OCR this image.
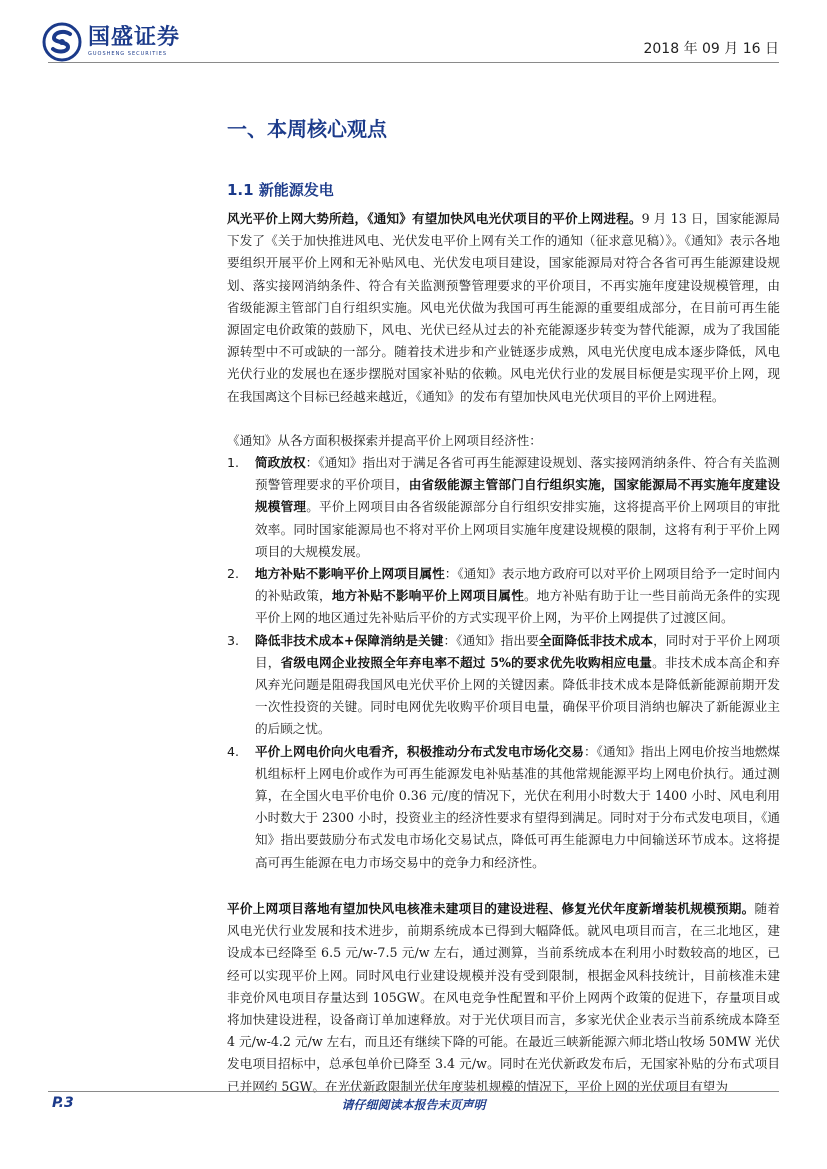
国盛证券
GUOSHENG SECURITIES	2018 年 09 月 16 日
一、本周核心观点
1.1 新能源发电

风光平价上网大势所趋，《通知》有望加快风电光伏项目的平价上网进程。9 月 13 日，国家能源局下发了《关于加快推进风电、光伏发电平价上网有关工作的通知（征求意见稿）》。《通知》表示各地要组织开展平价上网和无补贴风电、光伏发电项目建设，国家能源局对符合各省可再生能源建设规划、落实接网消纳条件、符合有关监测预警管理要求的平价项目，不再实施年度建设规模管理，由省级能源主管部门自行组织实施。风电光伏做为我国可再生能源的重要组成部分，在目前可再生能源固定电价政策的鼓励下，风电、光伏已经从过去的补充能源逐步转变为替代能源，成为了我国能源转型中不可或缺的一部分。随着技术进步和产业链逐步成熟，风电光伏度电成本逐步降低，风电光伏行业的发展也在逐步摆脱对国家补贴的依赖。风电光伏行业的发展目标便是实现平价上网，现在我国离这个目标已经越来越近，《通知》的发布有望加快风电光伏项目的平价上网进程。

《通知》从各方面积极探索并提高平价上网项目经济性：

1. 简政放权：《通知》指出对于满足各省可再生能源建设规划、落实接网消纳条件、符合有关监测预警管理要求的平价项目，由省级能源主管部门自行组织实施，国家能源局不再实施年度建设规模管理。平价上网项目由各省级能源部分自行组织安排实施，这将提高平价上网项目的审批效率。同时国家能源局也不将对平价上网项目实施年度建设规模的限制，这将有利于平价上网项目的大规模发展。
2. 地方补贴不影响平价上网项目属性：《通知》表示地方政府可以对平价上网项目给予一定时间内的补贴政策，地方补贴不影响平价上网项目属性。地方补贴有助于让一些目前尚无条件的实现平价上网的地区通过先补贴后平价的方式实现平价上网，为平价上网提供了过渡区间。
3. 降低非技术成本+保障消纳是关键：《通知》指出要全面降低非技术成本，同时对于平价上网项目，省级电网企业按照全年弃电率不超过 5%的要求优先收购相应电量。非技术成本高企和弃风弃光问题是阻碍我国风电光伏平价上网的关键因素。降低非技术成本是降低新能源前期开发一次性投资的关键。同时电网优先收购平价项目电量，确保平价项目消纳也解决了新能源业主的后顾之忧。
4. 平价上网电价向火电看齐，积极推动分布式发电市场化交易：《通知》指出上网电价按当地燃煤机组标杆上网电价或作为可再生能源发电补贴基准的其他常规能源平均上网电价执行。通过测算，在全国火电平价电价 0.36 元/度的情况下，光伏在利用小时数大于 1400 小时、风电利用小时数大于 2300 小时，投资业主的经济性要求有望得到满足。同时对于分布式发电项目，《通知》指出要鼓励分布式发电市场化交易试点，降低可再生能源电力中间输送环节成本。这将提高可再生能源在电力市场交易中的竞争力和经济性。

平价上网项目落地有望加快风电核准未建项目的建设进程、修复光伏年度新增装机规模预期。随着风电光伏行业发展和技术进步，前期系统成本已得到大幅降低。就风电项目而言，在三北地区，建设成本已经降至 6.5 元/w-7.5 元/w 左右，通过测算，当前系统成本在利用小时数较高的地区，已经可以实现平价上网。同时风电行业建设规模并没有受到限制，根据金风科技统计，目前核准未建非竞价风电项目存量达到 105GW。在风电竞争性配置和平价上网两个政策的促进下，存量项目或将加快建设进程，设备商订单加速释放。对于光伏项目而言，多家光伏企业表示当前系统成本降至 4 元/w-4.2 元/w 左右，而且还有继续下降的可能。在最近三峡新能源六师北塔山牧场 50MW 光伏发电项目招标中，总承包单价已降至 3.4 元/w。同时在光伏新政发布后，无国家补贴的分布式项目已并网约 5GW。在光伏新政限制光伏年度装机规模的情况下，平价上网的光伏项目有望为

P.3	请仔细阅读本报告末页声明
